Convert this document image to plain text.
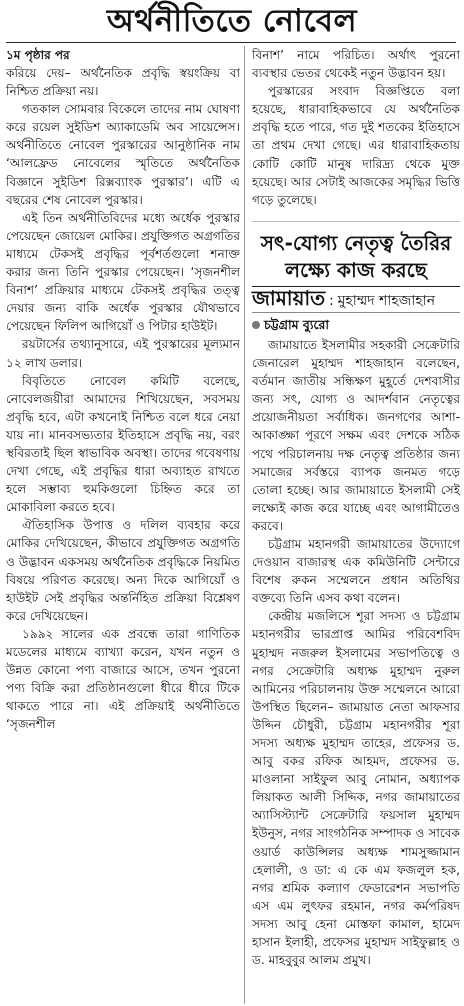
অর্থনীতিতে নোবেল
১ম পৃষ্ঠার পর

করিয়ে দেয়– অর্থনৈতিক প্রবৃদ্ধি স্বয়ংক্রিয় বা নিশ্চিত প্রক্রিয়া নয়।

গতকাল সোমবার বিকেলে তাদের নাম ঘোষণা করে রয়েল সুইডিশ অ্যাকাডেমি অব সায়েন্সেস। অর্থনীতিতে নোবেল পুরস্কারের আনুষ্ঠানিক নাম ‘আলফ্রেড নোবেলের স্মৃতিতে অর্থনৈতিক বিজ্ঞানে সুইডিশ রিক্সব্যাংক পুরস্কার’। এটি এ বছরের শেষ নোবেল পুরস্কার।

এই তিন অর্থনীতিবিদের মধ্যে অর্ধেক পুরস্কার পেয়েছেন জোয়েল মোকির। প্রযুক্তিগত অগ্রগতির মাধ্যমে টেকসই প্রবৃদ্ধির পূর্বশর্তগুলো শনাক্ত করার জন্য তিনি পুরস্কার পেয়েছেন। ‘সৃজনশীল বিনাশ’ প্রক্রিয়ার মাধ্যমে টেকসই প্রবৃদ্ধির তত্ত্ব দেয়ার জন্য বাকি অর্ধেক পুরস্কার যৌথভাবে পেয়েছেন ফিলিপ আগিয়োঁ ও পিটার হাউইট।

রয়টার্সের তথ্যানুসারে, এই পুরস্কারের মূল্যমান ১২ লাখ ডলার।

বিবৃতিতে নোবেল কমিটি বলেছে, নোবেলজয়ীরা আমাদের শিখিয়েছেন, সবসময় প্রবৃদ্ধি হবে, এটা কখনোই নিশ্চিত বলে ধরে নেয়া যায় না। মানবসভ্যতার ইতিহাসে প্রবৃদ্ধি নয়, বরং স্থবিরতাই ছিল স্বাভাবিক অবস্থা। তাদের গবেষণায় দেখা গেছে, এই প্রবৃদ্ধির ধারা অব্যাহত রাখতে হলে সম্ভাব্য হুমকিগুলো চিহ্নিত করে তা মোকাবিলা করতে হবে।

ঐতিহাসিক উপাত্ত ও দলিল ব্যবহার করে মোকির দেখিয়েছেন, কীভাবে প্রযুক্তিগত অগ্রগতি ও উদ্ভাবন একসময় অর্থনৈতিক প্রবৃদ্ধিকে নিয়মিত বিষয়ে পরিণত করেছে। অন্য দিকে আগিয়োঁ ও হাউইট সেই প্রবৃদ্ধির অন্তর্নিহিত প্রক্রিয়া বিশ্লেষণ করে দেখিয়েছেন।

১৯৯২ সালের এক প্রবন্ধে তারা গাণিতিক মডেলের মাধ্যমে ব্যাখ্যা করেন, যখন নতুন ও উন্নত কোনো পণ্য বাজারে আসে, তখন পুরনো পণ্য বিক্রি করা প্রতিষ্ঠানগুলো ধীরে ধীরে টিকে থাকতে পারে না। এই প্রক্রিয়াই অর্থনীতিতে ‘সৃজনশীল

বিনাশ’ নামে পরিচিত। অর্থাৎ পুরনো ব্যবস্থার ভেতর থেকেই নতুন উদ্ভাবন হয়।

পুরস্কারের সংবাদ বিজ্ঞপ্তিতে বলা হয়েছে, ধারাবাহিকভাবে যে অর্থনৈতিক প্রবৃদ্ধি হতে পারে, গত দুই শতকের ইতিহাসে তা প্রথম দেখা গেছে। এর ধারাবাহিকতায় কোটি কোটি মানুষ দারিদ্র্য থেকে মুক্ত হয়েছে। আর সেটাই আজকের সমৃদ্ধির ভিত্তি গড়ে তুলেছে।

সৎ-যোগ্য নেতৃত্ব তৈরির লক্ষ্যে কাজ করছে
জামায়াত : মুহাম্মদ শাহজাহান
চট্টগ্রাম ব্যুরো

জামায়াতে ইসলামীর সহকারী সেক্রেটারি জেনারেল মুহাম্মদ শাহজাহান বলেছেন, বর্তমান জাতীয় সন্ধিক্ষণ মুহূর্তে দেশবাসীর জন্য সৎ, যোগ্য ও আদর্শবান নেতৃত্বের প্রয়োজনীয়তা সর্বাধিক। জনগণের আশা-আকাঙ্ক্ষা পূরণে সক্ষম এবং দেশকে সঠিক পথে পরিচালনায় দক্ষ নেতৃত্ব প্রতিষ্ঠার জন্য সমাজের সর্বস্তরে ব্যাপক জনমত গড়ে তোলা হচ্ছে। আর জামায়াতে ইসলামী সেই লক্ষ্যেই কাজ করে যাচ্ছে এবং আগামীতেও করবে।

চট্টগ্রাম মহানগরী জামায়াতের উদ্যোগে দেওয়ান বাজারস্থ এক কমিউনিটি সেন্টারে বিশেষ রুকন সম্মেলনে প্রধান অতিথির বক্তব্যে তিনি এসব কথা বলেন।

কেন্দ্রীয় মজলিসে শূরা সদস্য ও চট্টগ্রাম মহানগরীর ভারপ্রাপ্ত আমির পরিবেশবিদ মুহাম্মদ নজরুল ইসলামের সভাপতিত্বে ও নগর সেক্রেটারি অধ্যক্ষ মুহাম্মদ নুরুল আমিনের পরিচালনায় উক্ত সম্মেলনে আরো উপস্থিত ছিলেন– জামায়াত নেতা আফসার উদ্দিন চৌধুরী, চট্টগ্রাম মহানগরীর শূরা সদস্য অধ্যক্ষ মুহাম্মদ তাহের, প্রফেসর ড. আবু বকর রফিক আহমদ, প্রফেসর ড. মাওলানা সাইফুল আবু নোমান, অধ্যাপক লিয়াকত আলী সিদ্দিক, নগর জামায়াতের অ্যাসিস্ট্যান্ট সেক্রেটারি ফয়সাল মুহাম্মদ ইউনুস, নগর সাংগঠনিক সম্পাদক ও সাবেক ওয়ার্ড কাউন্সিলর অধ্যক্ষ শামসুজ্জামান হেলালী, ও ডা: এ কে এম ফজলুল হক, নগর শ্রমিক কল্যাণ ফেডারেশন সভাপতি এস এম লুৎফর রহমান, নগর কর্মপরিষদ সদস্য আবু হেনা মোস্তফা কামাল, হামেদ হাসান ইলাহী, প্রফেসর মুহাম্মদ সাইফুল্লাহ ও ড. মাহবুবুর আলম প্রমুখ।
